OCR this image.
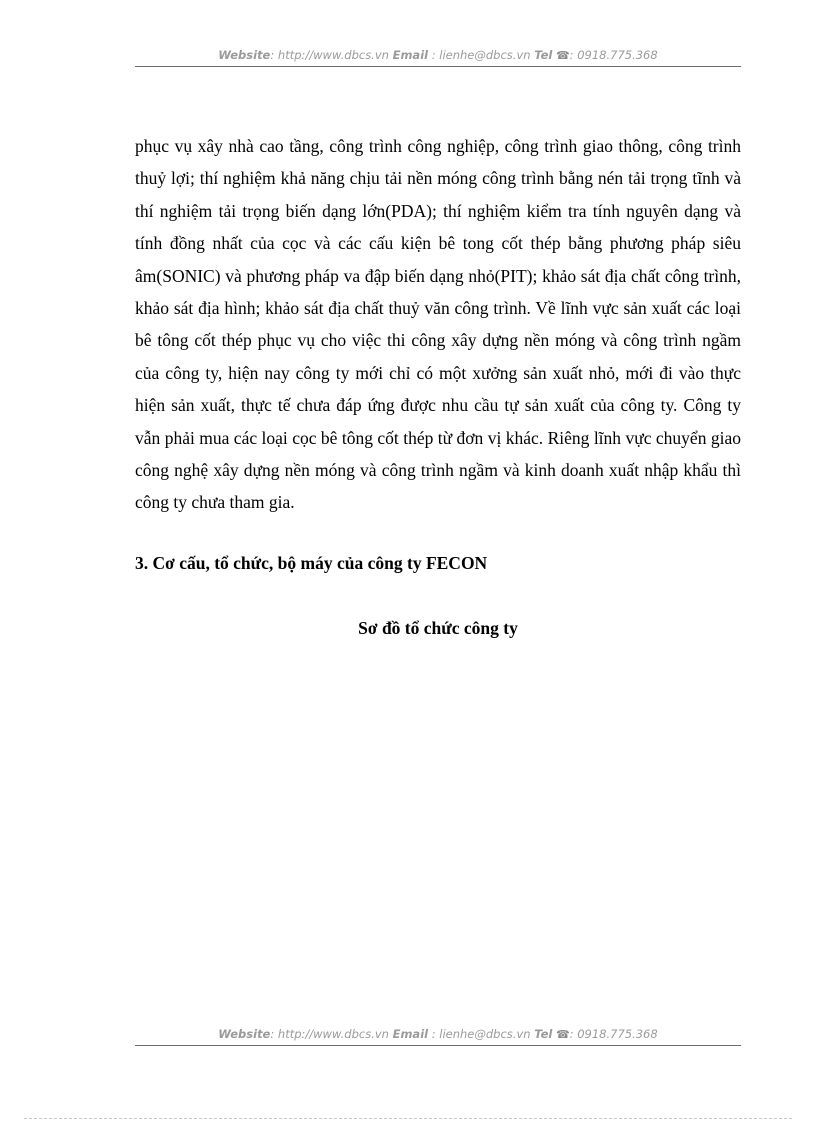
Website: http://www.dbcs.vn Email : lienhe@dbcs.vn Tel ☎: 0918.775.368

phục vụ xây nhà cao tầng, công trình công nghiệp, công trình giao thông, công trình thuỷ lợi; thí nghiệm khả năng chịu tải nền móng công trình bằng nén tải trọng tĩnh và thí nghiệm tải trọng biến dạng lớn(PDA); thí nghiệm kiểm tra tính nguyên dạng và tính đồng nhất của cọc và các cấu kiện bê tong cốt thép bằng phương pháp siêu âm(SONIC) và phương pháp va đập biến dạng nhỏ(PIT); khảo sát địa chất công trình, khảo sát địa hình; khảo sát địa chất thuỷ văn công trình. Về lĩnh vực sản xuất các loại bê tông cốt thép phục vụ cho việc thi công xây dựng nền móng và công trình ngầm của công ty, hiện nay công ty mới chỉ có một xưởng sản xuất nhỏ, mới đi vào thực hiện sản xuất, thực tế chưa đáp ứng được nhu cầu tự sản xuất của công ty. Công ty vẫn phải mua các loại cọc bê tông cốt thép từ đơn vị khác. Riêng lĩnh vực chuyển giao công nghệ xây dựng nền móng và công trình ngầm và kinh doanh xuất nhập khẩu thì công ty chưa tham gia.

3. Cơ cấu, tổ chức, bộ máy của công ty FECON

Sơ đồ tổ chức công ty

Website: http://www.dbcs.vn Email : lienhe@dbcs.vn Tel ☎: 0918.775.368
